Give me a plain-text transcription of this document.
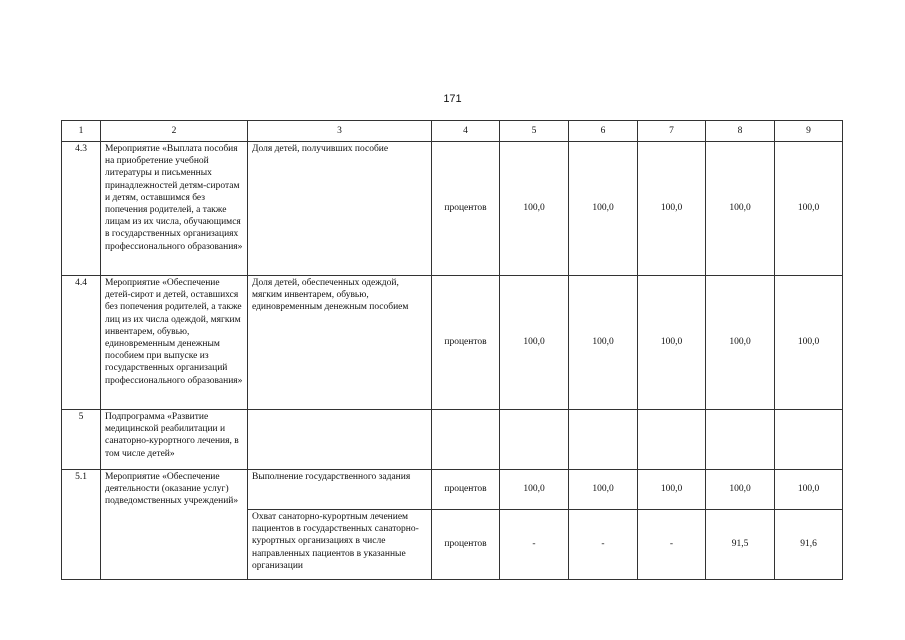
171
1	2	3	4	5	6	7	8	9
4.3	Мероприятие «Выплата пособия на приобретение учебной литературы и письменных принадлежностей детям-сиротам и детям, оставшимся без попечения родителей, а также лицам из их числа, обучающимся в государственных организациях профессионального образования»	Доля детей, получивших пособие	процентов	100,0	100,0	100,0	100,0	100,0
4.4	Мероприятие «Обеспечение детей-сирот и детей, оставшихся без попечения родителей, а также лиц из их числа одеждой, мягким инвентарем, обувью, единовременным денежным пособием при выпуске из государственных организаций профессионального образования»	Доля детей, обеспеченных одеждой, мягким инвентарем, обувью, единовременным денежным пособием	процентов	100,0	100,0	100,0	100,0	100,0
5	Подпрограмма «Развитие медицинской реабилитации и санаторно-курортного лечения, в том числе детей»							
5.1	Мероприятие «Обеспечение деятельности (оказание услуг) подведомственных учреждений»	Выполнение государственного задания	процентов	100,0	100,0	100,0	100,0	100,0
		Охват санаторно-курортным лечением пациентов в государственных санаторно-курортных организациях в числе направленных пациентов в указанные организации	процентов	-	-	-	91,5	91,6
